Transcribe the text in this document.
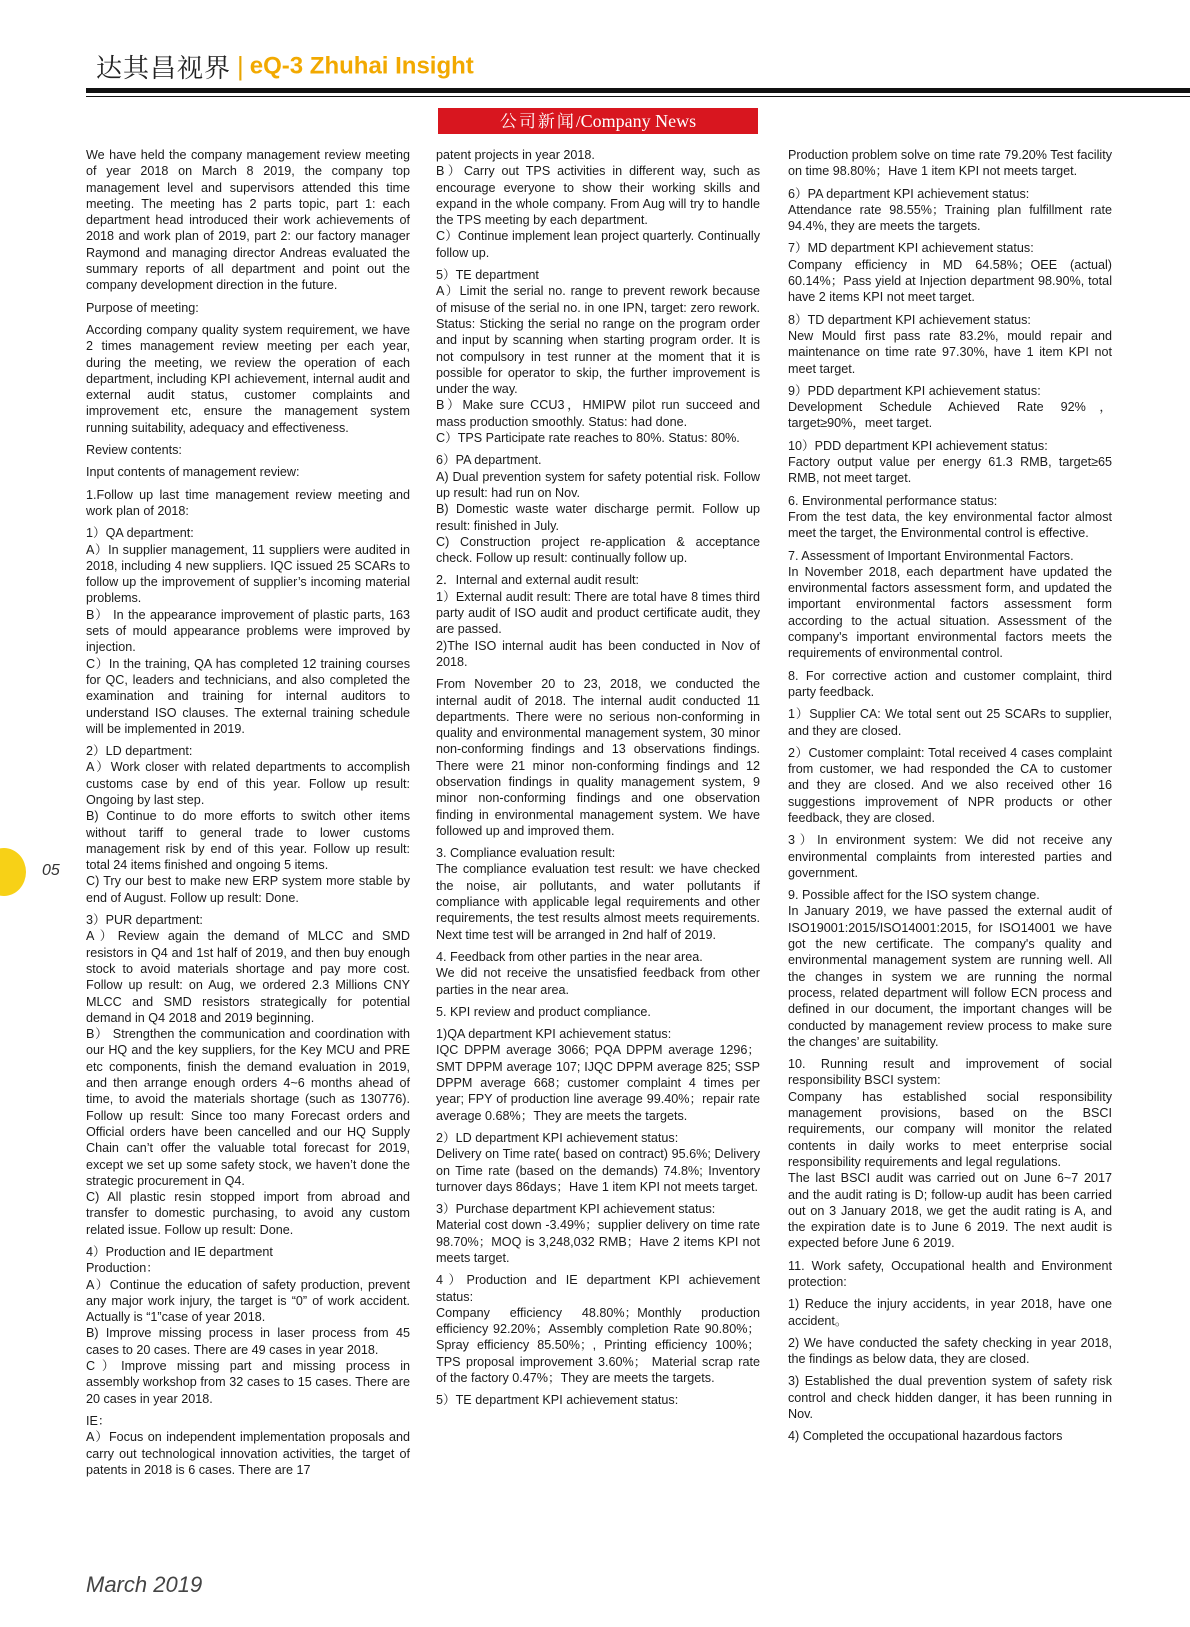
达其昌视界 | eQ-3 Zhuhai Insight
公司新闻/Company News

We have held the company management review meeting of year 2018 on March 8 2019, the company top management level and supervisors attended this time meeting. The meeting has 2 parts topic, part 1: each department head introduced their work achievements of 2018 and work plan of 2019, part 2: our factory manager Raymond and managing director Andreas evaluated the summary reports of all department and point out the company development direction in the future.

Purpose of meeting:

According company quality system requirement, we have 2 times management review meeting per each year, during the meeting, we review the operation of each department, including KPI achievement, internal audit and external audit status, customer complaints and improvement etc, ensure the management system running suitability, adequacy and effectiveness.

Review contents:

Input contents of management review:

1.Follow up last time management review meeting and work plan of 2018:

1）QA department:
A）In supplier management, 11 suppliers were audited in 2018, including 4 new suppliers. IQC issued 25 SCARs to follow up the improvement of supplier’s incoming material problems.
B） In the appearance improvement of plastic parts, 163 sets of mould appearance problems were improved by injection.
C）In the training, QA has completed 12 training courses for QC, leaders and technicians, and also completed the examination and training for internal auditors to understand ISO clauses. The external training schedule will be implemented in 2019.

2）LD department:
A）Work closer with related departments to accomplish customs case by end of this year. Follow up result: Ongoing by last step.
B) Continue to do more efforts to switch other items without tariff to general trade to lower customs management risk by end of this year. Follow up result: total 24 items finished and ongoing 5 items.
C) Try our best to make new ERP system more stable by end of August. Follow up result: Done.

3）PUR department:
A）Review again the demand of MLCC and SMD resistors in Q4 and 1st half of 2019, and then buy enough stock to avoid materials shortage and pay more cost. Follow up result: on Aug, we ordered 2.3 Millions CNY MLCC and SMD resistors strategically for potential demand in Q4 2018 and 2019 beginning.
B） Strengthen the communication and coordination with our HQ and the key suppliers, for the Key MCU and PRE etc components, finish the demand evaluation in 2019, and then arrange enough orders 4~6 months ahead of time, to avoid the materials shortage (such as 130776). Follow up result: Since too many Forecast orders and Official orders have been cancelled and our HQ Supply Chain can’t offer the valuable total forecast for 2019, except we set up some safety stock, we haven’t done the strategic procurement in Q4.
C) All plastic resin stopped import from abroad and transfer to domestic purchasing, to avoid any custom related issue. Follow up result: Done.

4）Production and IE department
Production：
A）Continue the education of safety production, prevent any major work injury, the target is “0” of work accident. Actually is “1”case of year 2018.
B) Improve missing process in laser process from 45 cases to 20 cases. There are 49 cases in year 2018.
C）Improve missing part and missing process in assembly workshop from 32 cases to 15 cases. There are 20 cases in year 2018.

IE：
A）Focus on independent implementation proposals and carry out technological innovation activities, the target of patents in 2018 is 6 cases. There are 17

patent projects in year 2018.
B）Carry out TPS activities in different way, such as encourage everyone to show their working skills and expand in the whole company. From Aug will try to handle the TPS meeting by each department.
C）Continue implement lean project quarterly. Continually follow up.

5）TE department
A）Limit the serial no. range to prevent rework because of misuse of the serial no. in one IPN, target: zero rework. Status: Sticking the serial no range on the program order and input by scanning when starting program order. It is not compulsory in test runner at the moment that it is possible for operator to skip, the further improvement is under the way.
B）Make sure CCU3，HMIPW pilot run succeed and mass production smoothly. Status: had done.
C）TPS Participate rate reaches to 80%. Status: 80%.

6）PA department.
A) Dual prevention system for safety potential risk. Follow up result: had run on Nov.
B) Domestic waste water discharge permit. Follow up result: finished in July.
C) Construction project re-application & acceptance check. Follow up result: continually follow up.

2．Internal and external audit result:
1）External audit result: There are total have 8 times third party audit of ISO audit and product certificate audit, they are passed.
2)The ISO internal audit has been conducted in Nov of 2018.

From November 20 to 23, 2018, we conducted the internal audit of 2018. The internal audit conducted 11 departments. There were no serious non-conforming in quality and environmental management system, 30 minor non-conforming findings and 13 observations findings. There were 21 minor non-conforming findings and 12 observation findings in quality management system, 9 minor non-conforming findings and one observation finding in environmental management system. We have followed up and improved them.

3. Compliance evaluation result:
The compliance evaluation test result: we have checked the noise, air pollutants, and water pollutants if compliance with applicable legal requirements and other requirements, the test results almost meets requirements. Next time test will be arranged in 2nd half of 2019.

4. Feedback from other parties in the near area.
We did not receive the unsatisfied feedback from other parties in the near area.

5. KPI review and product compliance.

1)QA department KPI achievement status:
IQC DPPM average 3066; PQA DPPM average 1296；SMT DPPM average 107; IJQC DPPM average 825; SSP DPPM average 668；customer complaint 4 times per year; FPY of production line average 99.40%；repair rate average 0.68%；They are meets the targets.

2）LD department KPI achievement status:
Delivery on Time rate( based on contract) 95.6%; Delivery on Time rate (based on the demands) 74.8%; Inventory turnover days 86days；Have 1 item KPI not meets target.

3）Purchase department KPI achievement status:
Material cost down -3.49%；supplier delivery on time rate 98.70%；MOQ is 3,248,032 RMB；Have 2 items KPI not meets target.

4）Production and IE department KPI achievement status:
Company efficiency 48.80%；Monthly production efficiency 92.20%；Assembly completion Rate 90.80%；Spray efficiency 85.50%；, Printing efficiency 100%；TPS proposal improvement 3.60%； Material scrap rate of the factory 0.47%；They are meets the targets.

5）TE department KPI achievement status:

Production problem solve on time rate 79.20% Test facility on time 98.80%；Have 1 item KPI not meets target.

6）PA department KPI achievement status:
Attendance rate 98.55%；Training plan fulfillment rate 94.4%, they are meets the targets.

7）MD department KPI achievement status:
Company efficiency in MD 64.58%；OEE (actual) 60.14%；Pass yield at Injection department 98.90%, total have 2 items KPI not meet target.

8）TD department KPI achievement status:
New Mould first pass rate 83.2%, mould repair and maintenance on time rate 97.30%, have 1 item KPI not meet target.

9）PDD department KPI achievement status:
Development Schedule Achieved Rate 92%，target≥90%，meet target.

10）PDD department KPI achievement status:
Factory output value per energy 61.3 RMB, target≥65 RMB, not meet target.

6. Environmental performance status:
From the test data, the key environmental factor almost meet the target, the Environmental control is effective.

7. Assessment of Important Environmental Factors.
In November 2018, each department have updated the environmental factors assessment form, and updated the important environmental factors assessment form according to the actual situation. Assessment of the company's important environmental factors meets the requirements of environmental control.

8. For corrective action and customer complaint, third party feedback.

1）Supplier CA: We total sent out 25 SCARs to supplier, and they are closed.

2）Customer complaint: Total received 4 cases complaint from customer, we had responded the CA to customer and they are closed. And we also received other 16 suggestions improvement of NPR products or other feedback, they are closed.

3）In environment system: We did not receive any environmental complaints from interested parties and government.

9. Possible affect for the ISO system change.
In January 2019, we have passed the external audit of ISO19001:2015/ISO14001:2015, for ISO14001 we have got the new certificate. The company's quality and environmental management system are running well. All the changes in system we are running the normal process, related department will follow ECN process and defined in our document, the important changes will be conducted by management review process to make sure the changes’ are suitability.

10. Running result and improvement of social responsibility BSCI system:
Company has established social responsibility management provisions, based on the BSCI requirements, our company will monitor the related contents in daily works to meet enterprise social responsibility requirements and legal regulations.
The last BSCI audit was carried out on June 6~7 2017 and the audit rating is D; follow-up audit has been carried out on 3 January 2018, we get the audit rating is A, and the expiration date is to June 6 2019. The next audit is expected before June 6 2019.

11. Work safety, Occupational health and Environment protection:

1) Reduce the injury accidents, in year 2018, have one accident。

2) We have conducted the safety checking in year 2018, the findings as below data, they are closed.

3) Established the dual prevention system of safety risk control and check hidden danger, it has been running in Nov.

4) Completed the occupational hazardous factors

05
March 2019
